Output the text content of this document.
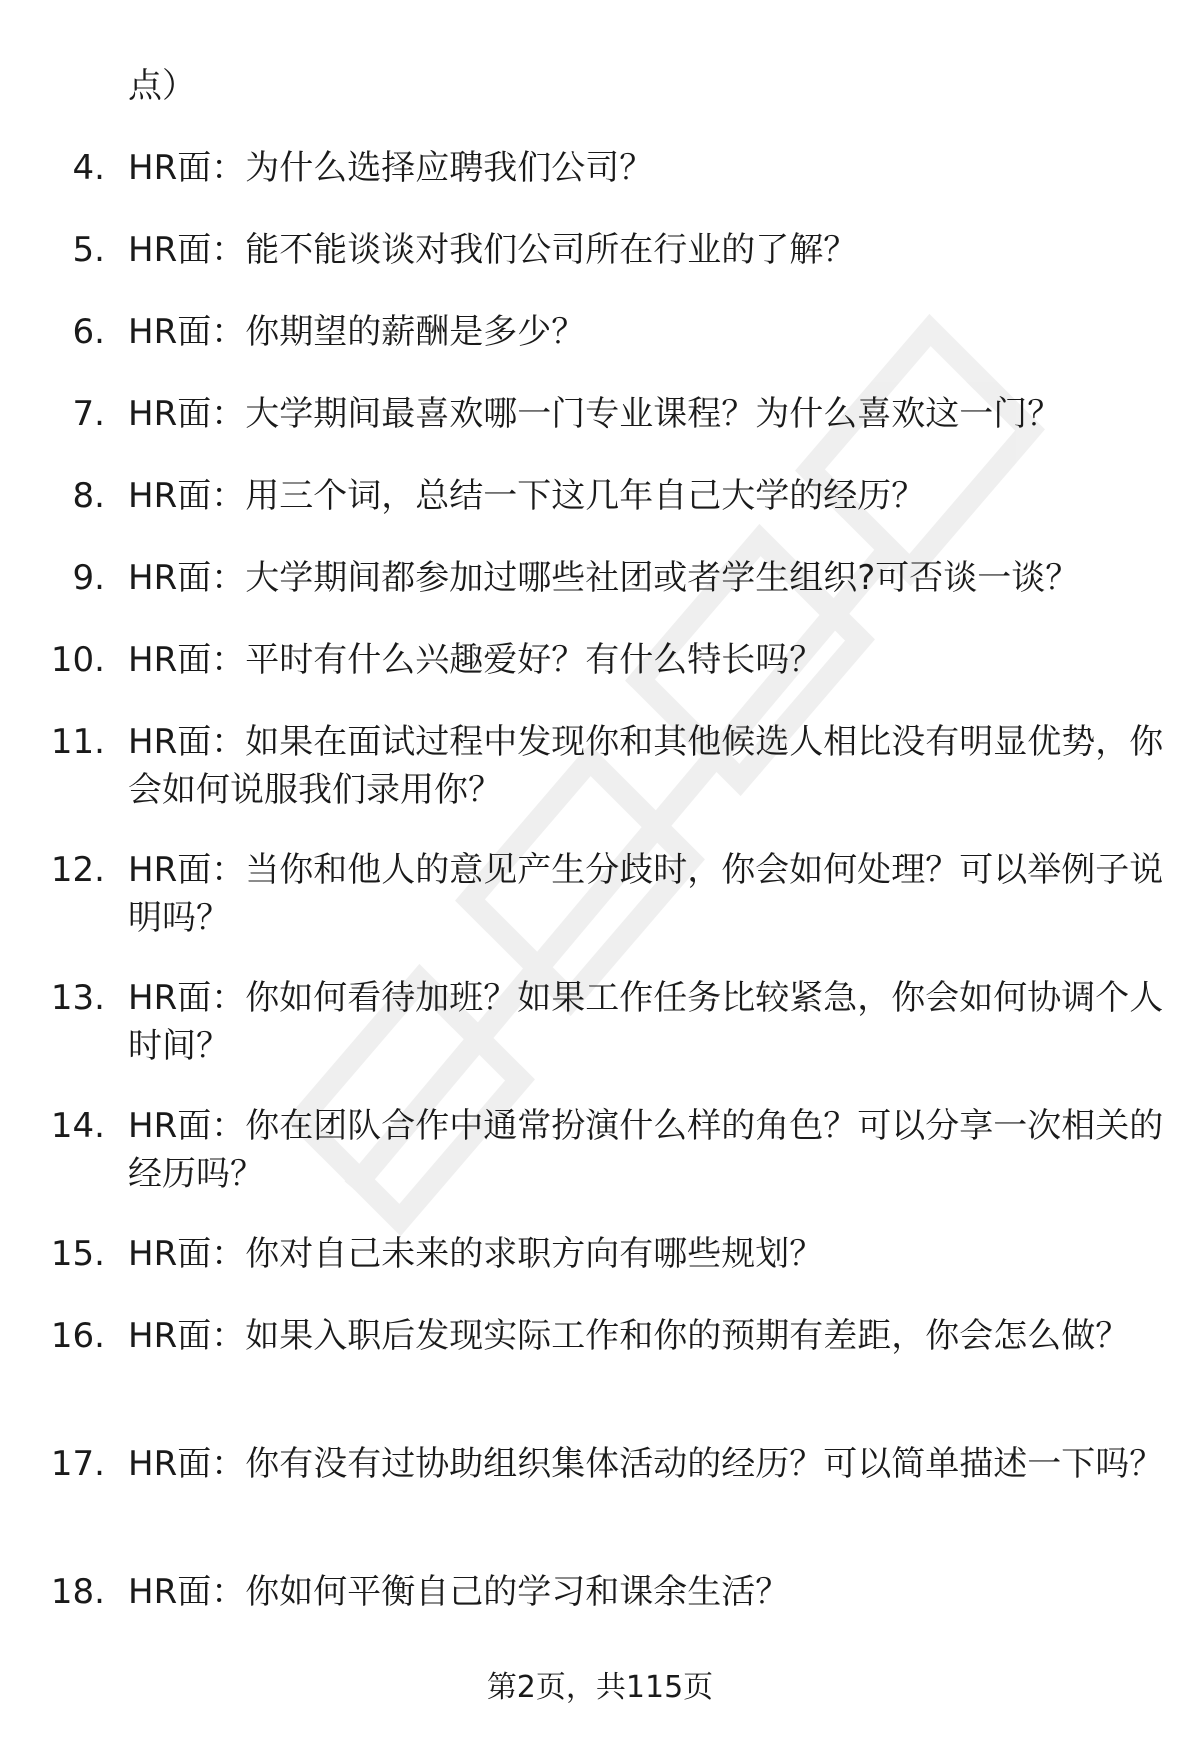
点）
4. HR面：为什么选择应聘我们公司？
5. HR面：能不能谈谈对我们公司所在行业的了解？
6. HR面：你期望的薪酬是多少？
7. HR面：大学期间最喜欢哪一门专业课程？为什么喜欢这一门？
8. HR面：用三个词，总结一下这几年自己大学的经历？
9. HR面：大学期间都参加过哪些社团或者学生组织?可否谈一谈？
10. HR面：平时有什么兴趣爱好？有什么特长吗？
11. HR面：如果在面试过程中发现你和其他候选人相比没有明显优势，你会如何说服我们录用你？
12. HR面：当你和他人的意见产生分歧时，你会如何处理？可以举例子说明吗？
13. HR面：你如何看待加班？如果工作任务比较紧急，你会如何协调个人时间？
14. HR面：你在团队合作中通常扮演什么样的角色？可以分享一次相关的经历吗？
15. HR面：你对自己未来的求职方向有哪些规划？
16. HR面：如果入职后发现实际工作和你的预期有差距，你会怎么做？
17. HR面：你有没有过协助组织集体活动的经历？可以简单描述一下吗？
18. HR面：你如何平衡自己的学习和课余生活？
第2页，共115页
